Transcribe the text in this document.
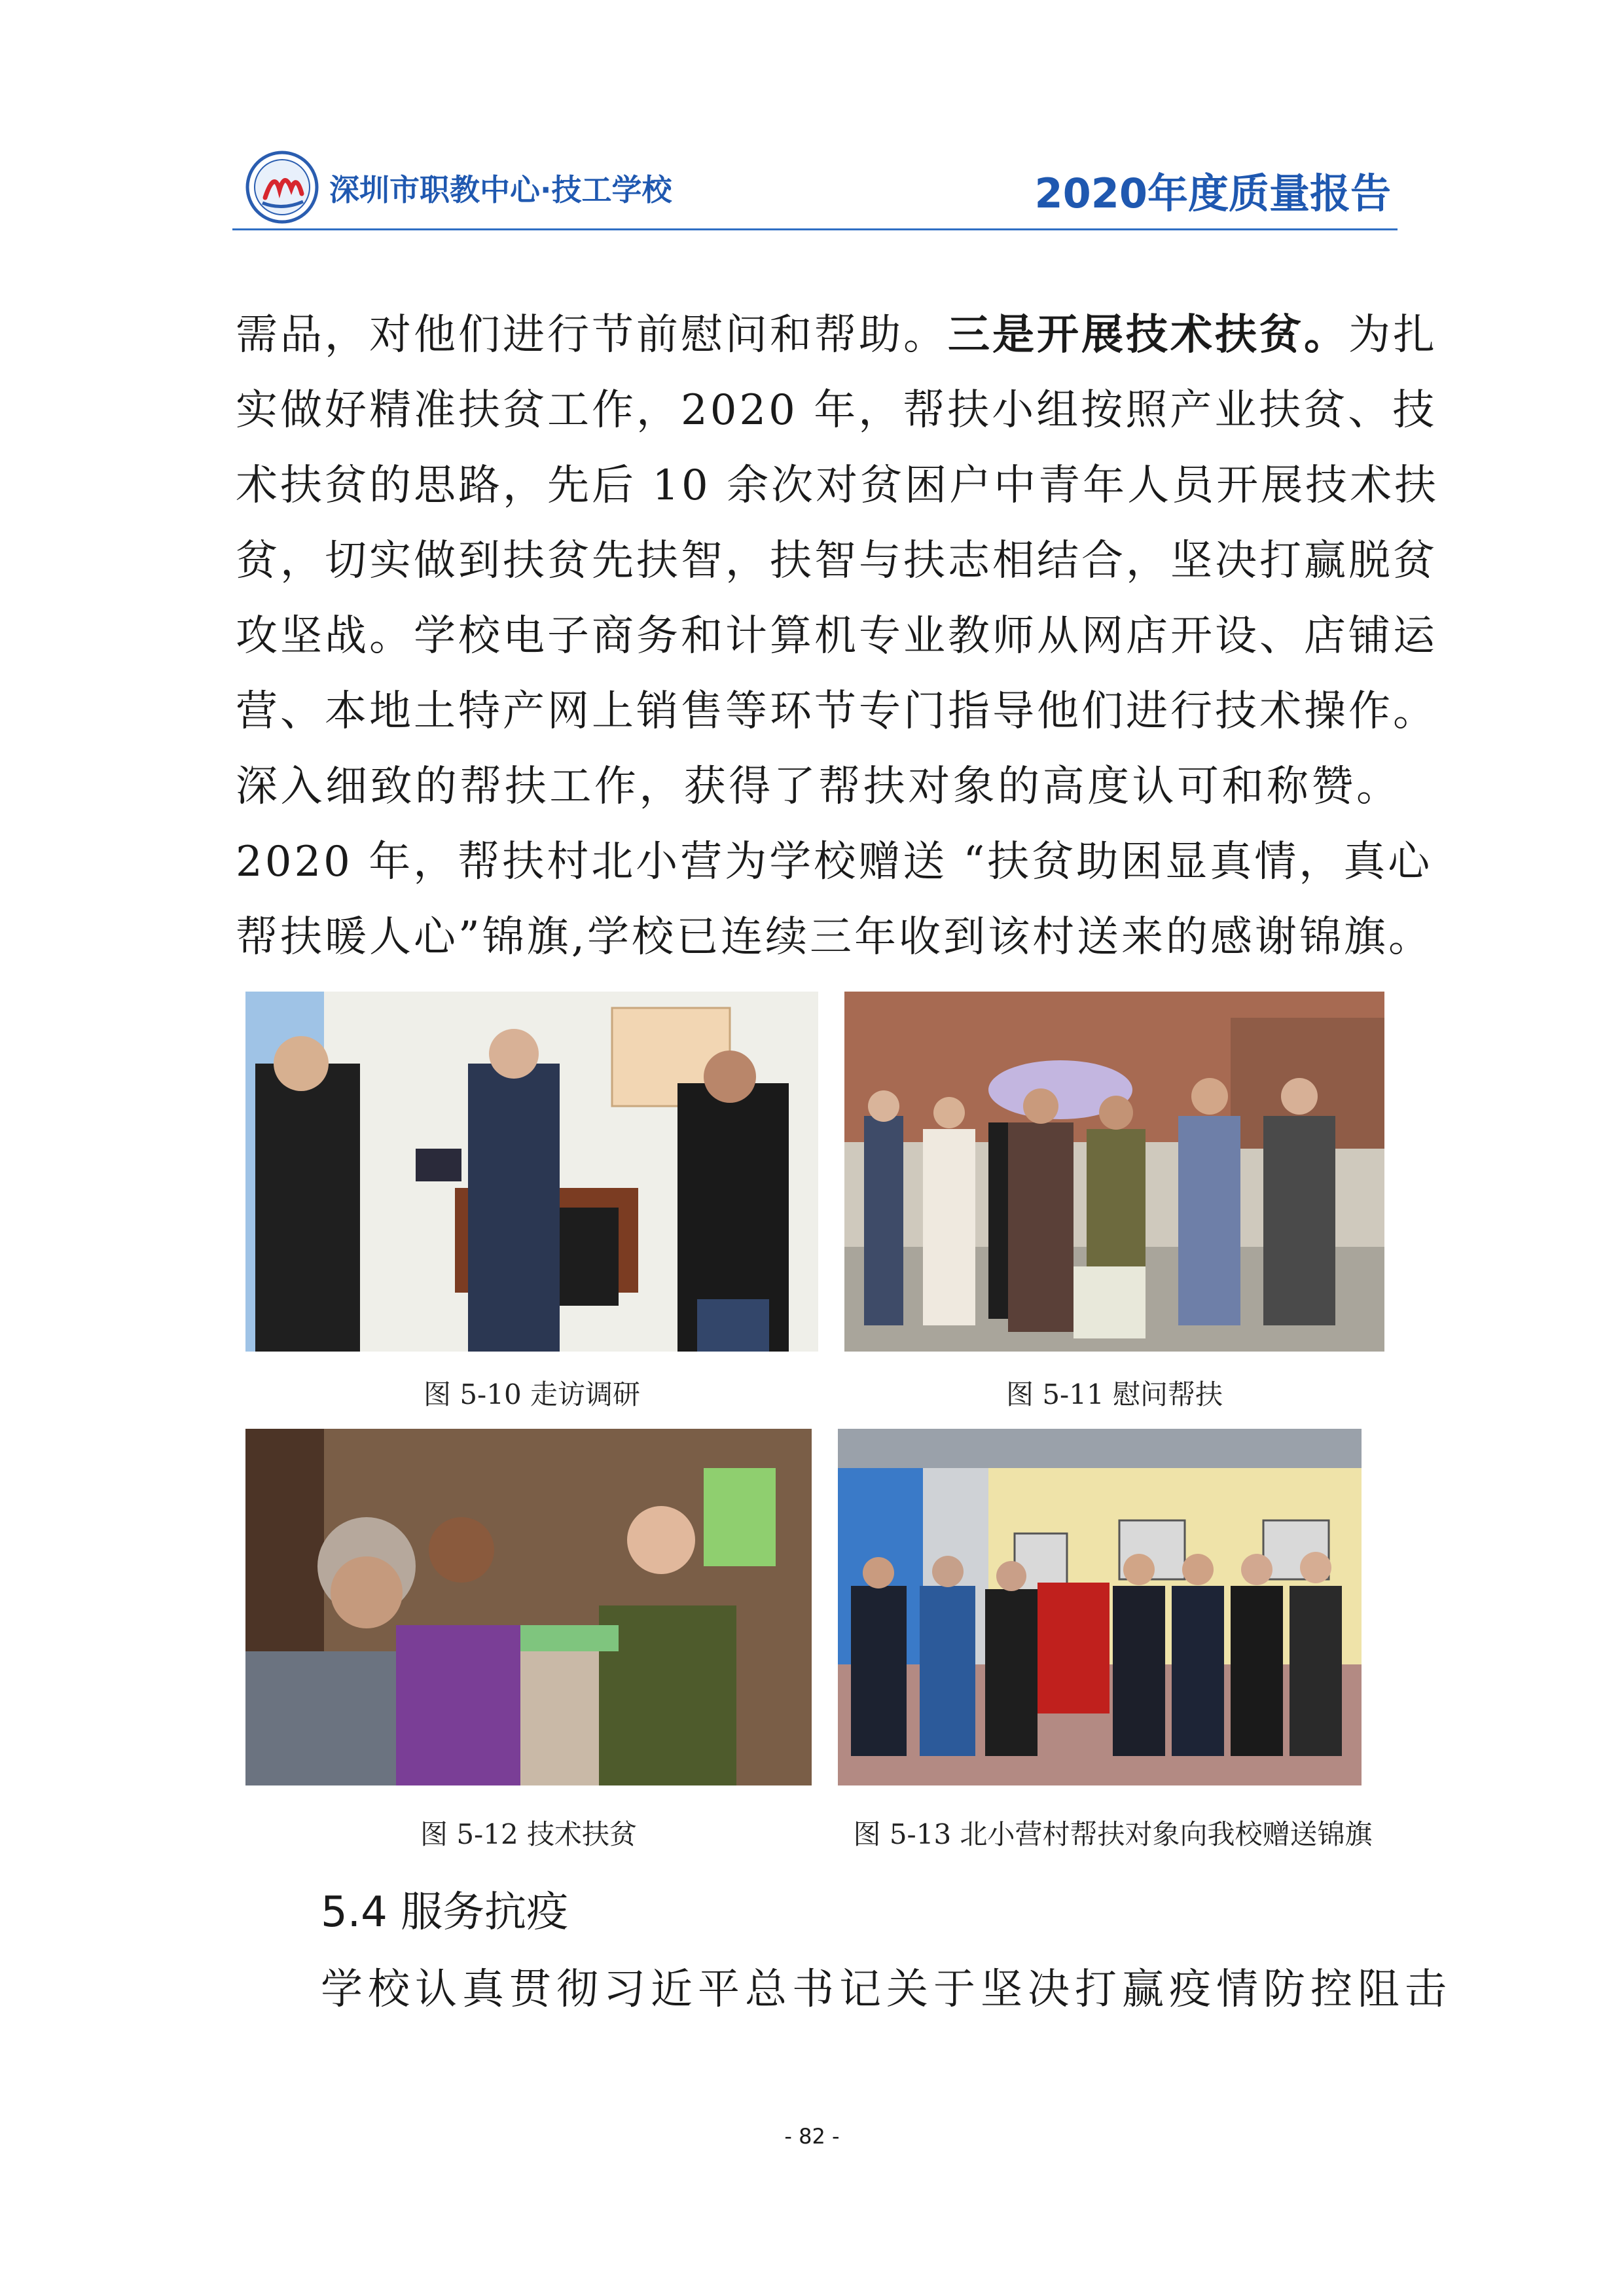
深圳市职教中心·技工学校	2020年度质量报告
需品，对他们进行节前慰问和帮助。三是开展技术扶贫。为扎
实做好精准扶贫工作，2020 年，帮扶小组按照产业扶贫、技
术扶贫的思路，先后 10 余次对贫困户中青年人员开展技术扶
贫，切实做到扶贫先扶智，扶智与扶志相结合，坚决打赢脱贫
攻坚战。学校电子商务和计算机专业教师从网店开设、店铺运
营、本地土特产网上销售等环节专门指导他们进行技术操作。
深入细致的帮扶工作，获得了帮扶对象的高度认可和称赞。
2020 年，帮扶村北小营为学校赠送 “扶贫助困显真情，真心
帮扶暖人心”锦旗,学校已连续三年收到该村送来的感谢锦旗。
图 5-10 走访调研	图 5-11 慰问帮扶
图 5-12 技术扶贫	图 5-13 北小营村帮扶对象向我校赠送锦旗
5.4 服务抗疫
学校认真贯彻习近平总书记关于坚决打赢疫情防控阻击
- 82 -
